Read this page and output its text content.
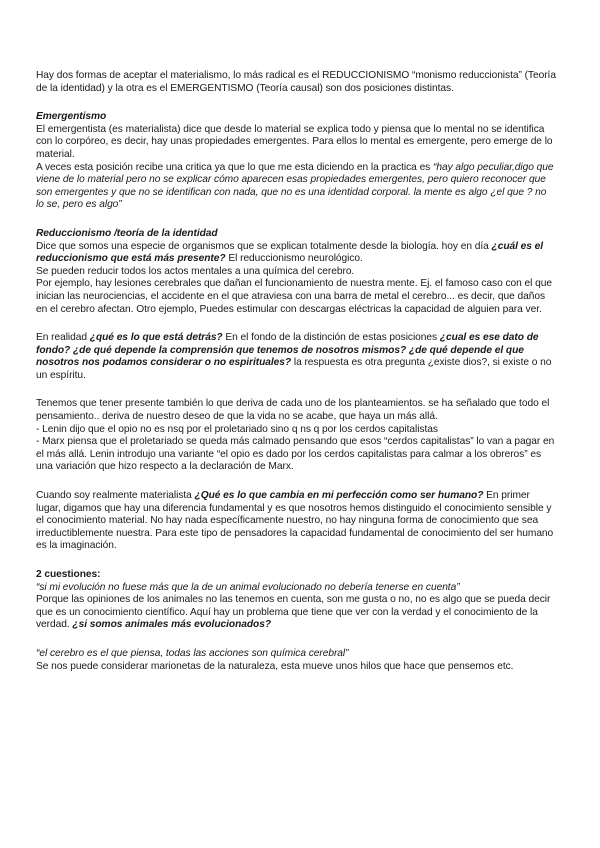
Hay dos formas de aceptar el materialismo, lo más radical es el REDUCCIONISMO “monismo reduccionista” (Teoría de la identidad) y la otra es el EMERGENTISMO (Teoría causal) son dos posiciones distintas.

Emergentismo

El emergentista (es materialista) dice que desde lo material se explica todo y piensa que lo mental no se identifica con lo corpóreo, es decir, hay unas propiedades emergentes. Para ellos lo mental es emergente, pero emerge de lo material.

A veces esta posición recibe una critica ya que lo que me esta diciendo en la practica es “hay algo peculiar,digo que viene de lo material pero no se explicar cómo aparecen esas propiedades emergentes, pero quiero reconocer que son emergentes y que no se identifican con nada, que no es una identidad corporal. la mente es algo ¿el que ? no lo se, pero es algo”

Reduccionismo /teoría de la identidad

Dice que somos una especie de organismos que se explican totalmente desde la biología. hoy en día ¿cuál es el reduccionismo que está más presente? El reduccionismo neurológico.

Se pueden reducir todos los actos mentales a una química del cerebro.

Por ejemplo, hay lesiones cerebrales que dañan el funcionamiento de nuestra mente. Ej. el famoso caso con el que inician las neurociencias, el accidente en el que atraviesa con una barra de metal el cerebro... es decir, que daños en el cerebro afectan. Otro ejemplo, Puedes estimular con descargas eléctricas la capacidad de alguien para ver.

En realidad ¿qué es lo que está detrás? En el fondo de la distinción de estas posiciones ¿cual es ese dato de fondo? ¿de qué depende la comprensión que tenemos de nosotros mismos? ¿de qué depende el que nosotros nos podamos considerar o no espirituales? la respuesta es otra pregunta ¿existe dios?, si existe o no un espíritu.

Tenemos que tener presente también lo que deriva de cada uno de los planteamientos. se ha señalado que todo el pensamiento.. deriva de nuestro deseo de que la vida no se acabe, que haya un más allá.

- Lenin dijo que el opio no es nsq por el proletariado sino q ns q por los cerdos capitalistas

- Marx piensa que el proletariado se queda más calmado pensando que esos “cerdos capitalistas” lo van a pagar en el más allá. Lenin introdujo una variante “el opio es dado por los cerdos capitalistas para calmar a los obreros” es una variación que hizo respecto a la declaración de Marx.

Cuando soy realmente materialista ¿Qué es lo que cambia en mi perfección como ser humano? En primer lugar, digamos que hay una diferencia fundamental y es que nosotros hemos distinguido el conocimiento sensible y el conocimiento material. No hay nada específicamente nuestro, no hay ninguna forma de conocimiento que sea irreductiblemente nuestra. Para este tipo de pensadores la capacidad fundamental de conocimiento del ser humano es la imaginación.

2 cuestiones:

“si mi evolución no fuese más que la de un animal evolucionado no debería tenerse en cuenta”

Porque las opiniones de los animales no las tenemos en cuenta, son me gusta o no, no es algo que se pueda decir que es un conocimiento científico. Aquí hay un problema que tiene que ver con la verdad y el conocimiento de la verdad. ¿si somos animales más evolucionados?

“el cerebro es el que piensa, todas las acciones son química cerebral”

Se nos puede considerar marionetas de la naturaleza, esta mueve unos hilos que hace que pensemos etc.
